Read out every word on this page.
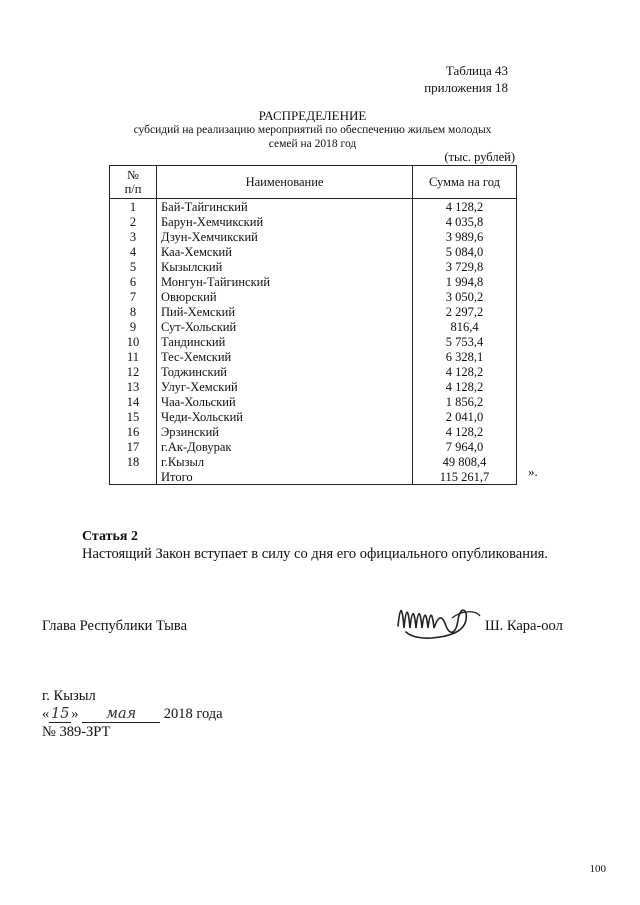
Таблица 43
приложения 18
РАСПРЕДЕЛЕНИЕ
субсидий на реализацию мероприятий по обеспечению жильем молодых
семей на 2018 год
(тыс. рублей)
№
п/п	Наименование	Сумма на год
1	Бай-Тайгинский	4 128,2
2	Барун-Хемчикский	4 035,8
3	Дзун-Хемчикский	3 989,6
4	Каа-Хемский	5 084,0
5	Кызылский	3 729,8
6	Монгун-Тайгинский	1 994,8
7	Овюрский	3 050,2
8	Пий-Хемский	2 297,2
9	Сут-Хольский	816,4
10	Тандинский	5 753,4
11	Тес-Хемский	6 328,1
12	Тоджинский	4 128,2
13	Улуг-Хемский	4 128,2
14	Чаа-Хольский	1 856,2
15	Чеди-Хольский	2 041,0
16	Эрзинский	4 128,2
17	г.Ак-Довурак	7 964,0
18	г.Кызыл	49 808,4
	Итого	115 261,7	».
Статья 2
Настоящий Закон вступает в силу со дня его официального опубликования.
Глава Республики Тыва	Ш. Кара-оол
г. Кызыл
« 15 » мая 2018 года
№ 389-ЗРТ
100
